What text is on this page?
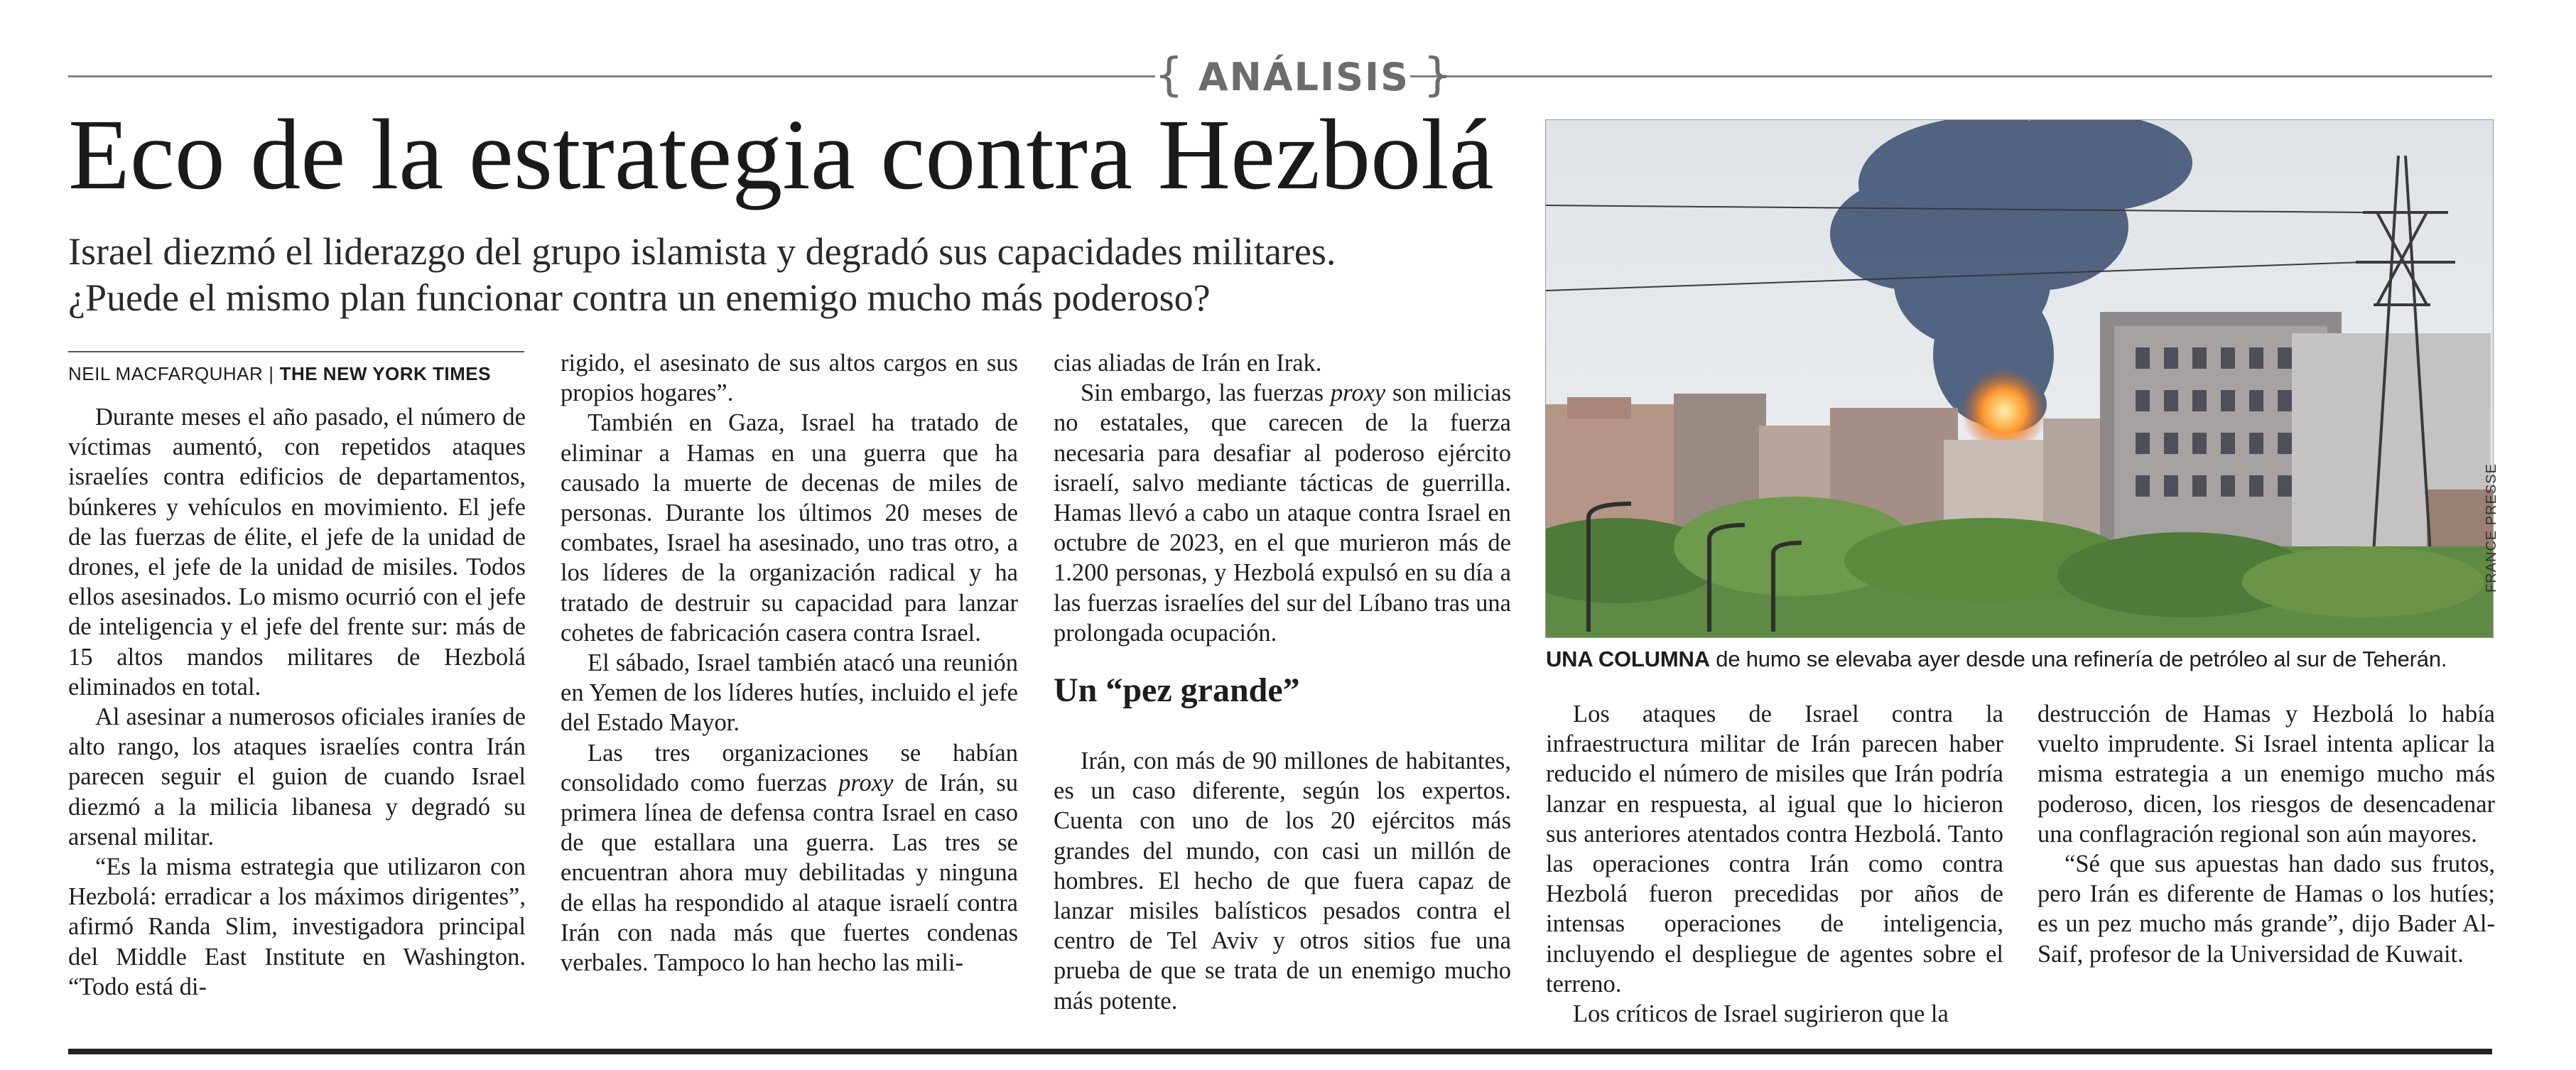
{ ANÁLISIS }
Eco de la estrategia contra Hezbolá

Israel diezmó el liderazgo del grupo islamista y degradó sus capacidades militares.
¿Puede el mismo plan funcionar contra un enemigo mucho más poderoso?

NEIL MACFARQUHAR | THE NEW YORK TIMES

Durante meses el año pasado, el número de víctimas aumentó, con repetidos ataques israelíes contra edificios de departamentos, búnkeres y vehículos en movimiento. El jefe de las fuerzas de élite, el jefe de la unidad de drones, el jefe de la unidad de misiles. Todos ellos asesinados. Lo mismo ocurrió con el jefe de inteligencia y el jefe del frente sur: más de 15 altos mandos militares de Hezbolá eliminados en total.

Al asesinar a numerosos oficiales iraníes de alto rango, los ataques israelíes contra Irán parecen seguir el guion de cuando Israel diezmó a la milicia libanesa y degradó su arsenal militar.

“Es la misma estrategia que utilizaron con Hezbolá: erradicar a los máximos dirigentes”, afirmó Randa Slim, investigadora principal del Middle East Institute en Washington. “Todo está di-

rigido, el asesinato de sus altos cargos en sus propios hogares”.

También en Gaza, Israel ha tratado de eliminar a Hamas en una guerra que ha causado la muerte de decenas de miles de personas. Durante los últimos 20 meses de combates, Israel ha asesinado, uno tras otro, a los líderes de la organización radical y ha tratado de destruir su capacidad para lanzar cohetes de fabricación casera contra Israel.

El sábado, Israel también atacó una reunión en Yemen de los líderes hutíes, incluido el jefe del Estado Mayor.

Las tres organizaciones se habían consolidado como fuerzas proxy de Irán, su primera línea de defensa contra Israel en caso de que estallara una guerra. Las tres se encuentran ahora muy debilitadas y ninguna de ellas ha respondido al ataque israelí contra Irán con nada más que fuertes condenas verbales. Tampoco lo han hecho las mili-

cias aliadas de Irán en Irak.

Sin embargo, las fuerzas proxy son milicias no estatales, que carecen de la fuerza necesaria para desafiar al poderoso ejército israelí, salvo mediante tácticas de guerrilla. Hamas llevó a cabo un ataque contra Israel en octubre de 2023, en el que murieron más de 1.200 personas, y Hezbolá expulsó en su día a las fuerzas israelíes del sur del Líbano tras una prolongada ocupación.

Un “pez grande”

Irán, con más de 90 millones de habitantes, es un caso diferente, según los expertos. Cuenta con uno de los 20 ejércitos más grandes del mundo, con casi un millón de hombres. El hecho de que fuera capaz de lanzar misiles balísticos pesados contra el centro de Tel Aviv y otros sitios fue una prueba de que se trata de un enemigo mucho más potente.

FRANCE PRESSE
UNA COLUMNA de humo se elevaba ayer desde una refinería de petróleo al sur de Teherán.

Los ataques de Israel contra la infraestructura militar de Irán parecen haber reducido el número de misiles que Irán podría lanzar en respuesta, al igual que lo hicieron sus anteriores atentados contra Hezbolá. Tanto las operaciones contra Irán como contra Hezbolá fueron precedidas por años de intensas operaciones de inteligencia, incluyendo el despliegue de agentes sobre el terreno.

Los críticos de Israel sugirieron que la

destrucción de Hamas y Hezbolá lo había vuelto imprudente. Si Israel intenta aplicar la misma estrategia a un enemigo mucho más poderoso, dicen, los riesgos de desencadenar una conflagración regional son aún mayores.

“Sé que sus apuestas han dado sus frutos, pero Irán es diferente de Hamas o los hutíes; es un pez mucho más grande”, dijo Bader Al-Saif, profesor de la Universidad de Kuwait.
